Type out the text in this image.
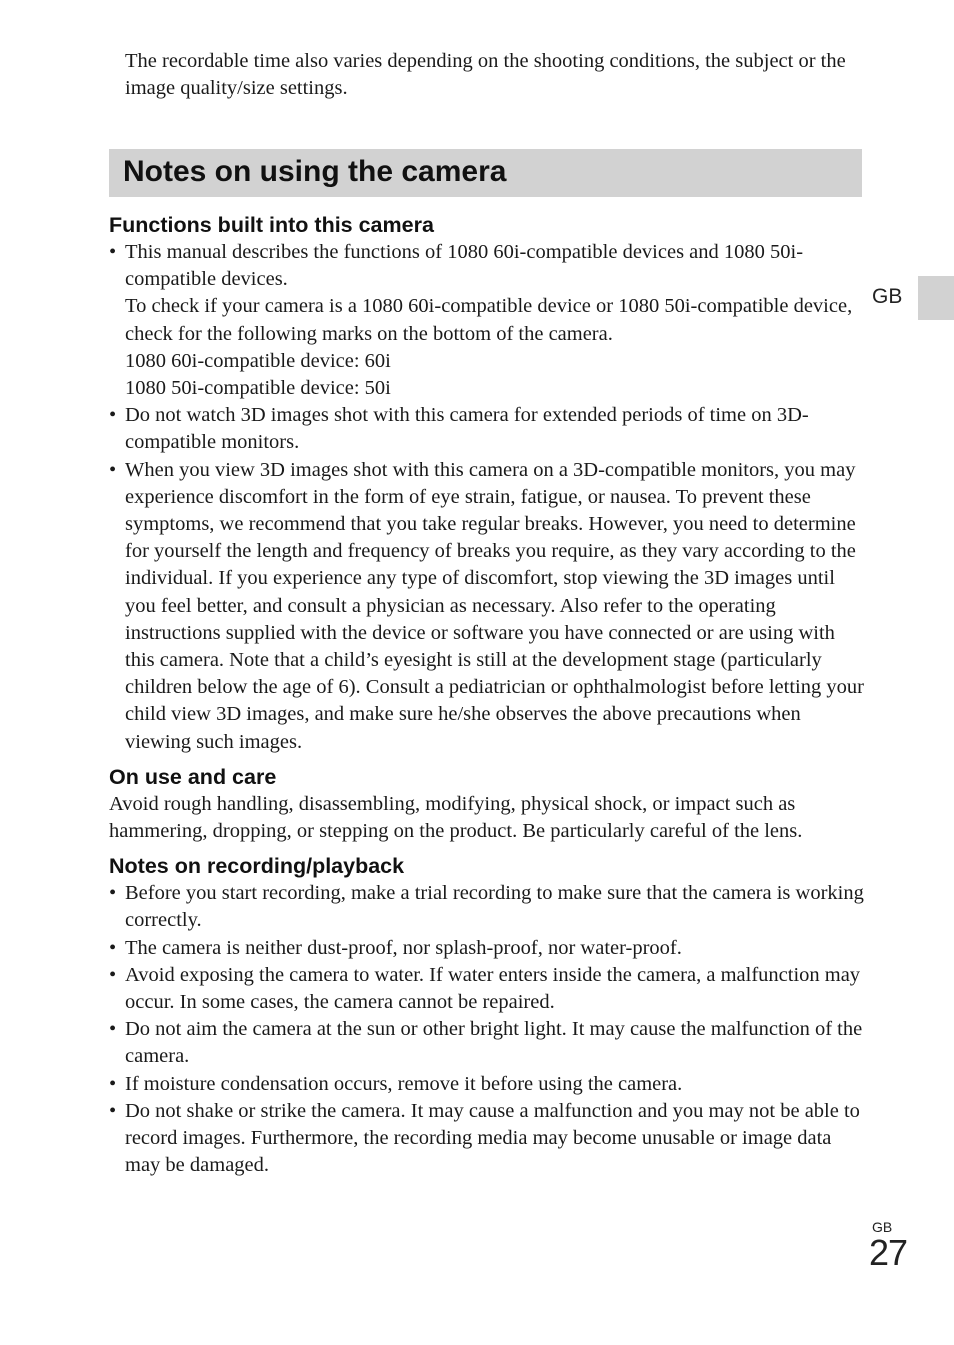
The recordable time also varies depending on the shooting conditions, the subject or the image quality/size settings.

Notes on using the camera
GB
Functions built into this camera
• This manual describes the functions of 1080 60i-compatible devices and 1080 50i-compatible devices.
To check if your camera is a 1080 60i-compatible device or 1080 50i-compatible device, check for the following marks on the bottom of the camera.
1080 60i-compatible device: 60i
1080 50i-compatible device: 50i
• Do not watch 3D images shot with this camera for extended periods of time on 3D-compatible monitors.
• When you view 3D images shot with this camera on a 3D-compatible monitors, you may experience discomfort in the form of eye strain, fatigue, or nausea. To prevent these symptoms, we recommend that you take regular breaks. However, you need to determine for yourself the length and frequency of breaks you require, as they vary according to the individual. If you experience any type of discomfort, stop viewing the 3D images until you feel better, and consult a physician as necessary. Also refer to the operating instructions supplied with the device or software you have connected or are using with this camera. Note that a child’s eyesight is still at the development stage (particularly children below the age of 6). Consult a pediatrician or ophthalmologist before letting your child view 3D images, and make sure he/she observes the above precautions when viewing such images.
On use and care

Avoid rough handling, disassembling, modifying, physical shock, or impact such as hammering, dropping, or stepping on the product. Be particularly careful of the lens.

Notes on recording/playback
• Before you start recording, make a trial recording to make sure that the camera is working correctly.
• The camera is neither dust-proof, nor splash-proof, nor water-proof.
• Avoid exposing the camera to water. If water enters inside the camera, a malfunction may occur. In some cases, the camera cannot be repaired.
• Do not aim the camera at the sun or other bright light. It may cause the malfunction of the camera.
• If moisture condensation occurs, remove it before using the camera.
• Do not shake or strike the camera. It may cause a malfunction and you may not be able to record images. Furthermore, the recording media may become unusable or image data may be damaged.
GB
27
